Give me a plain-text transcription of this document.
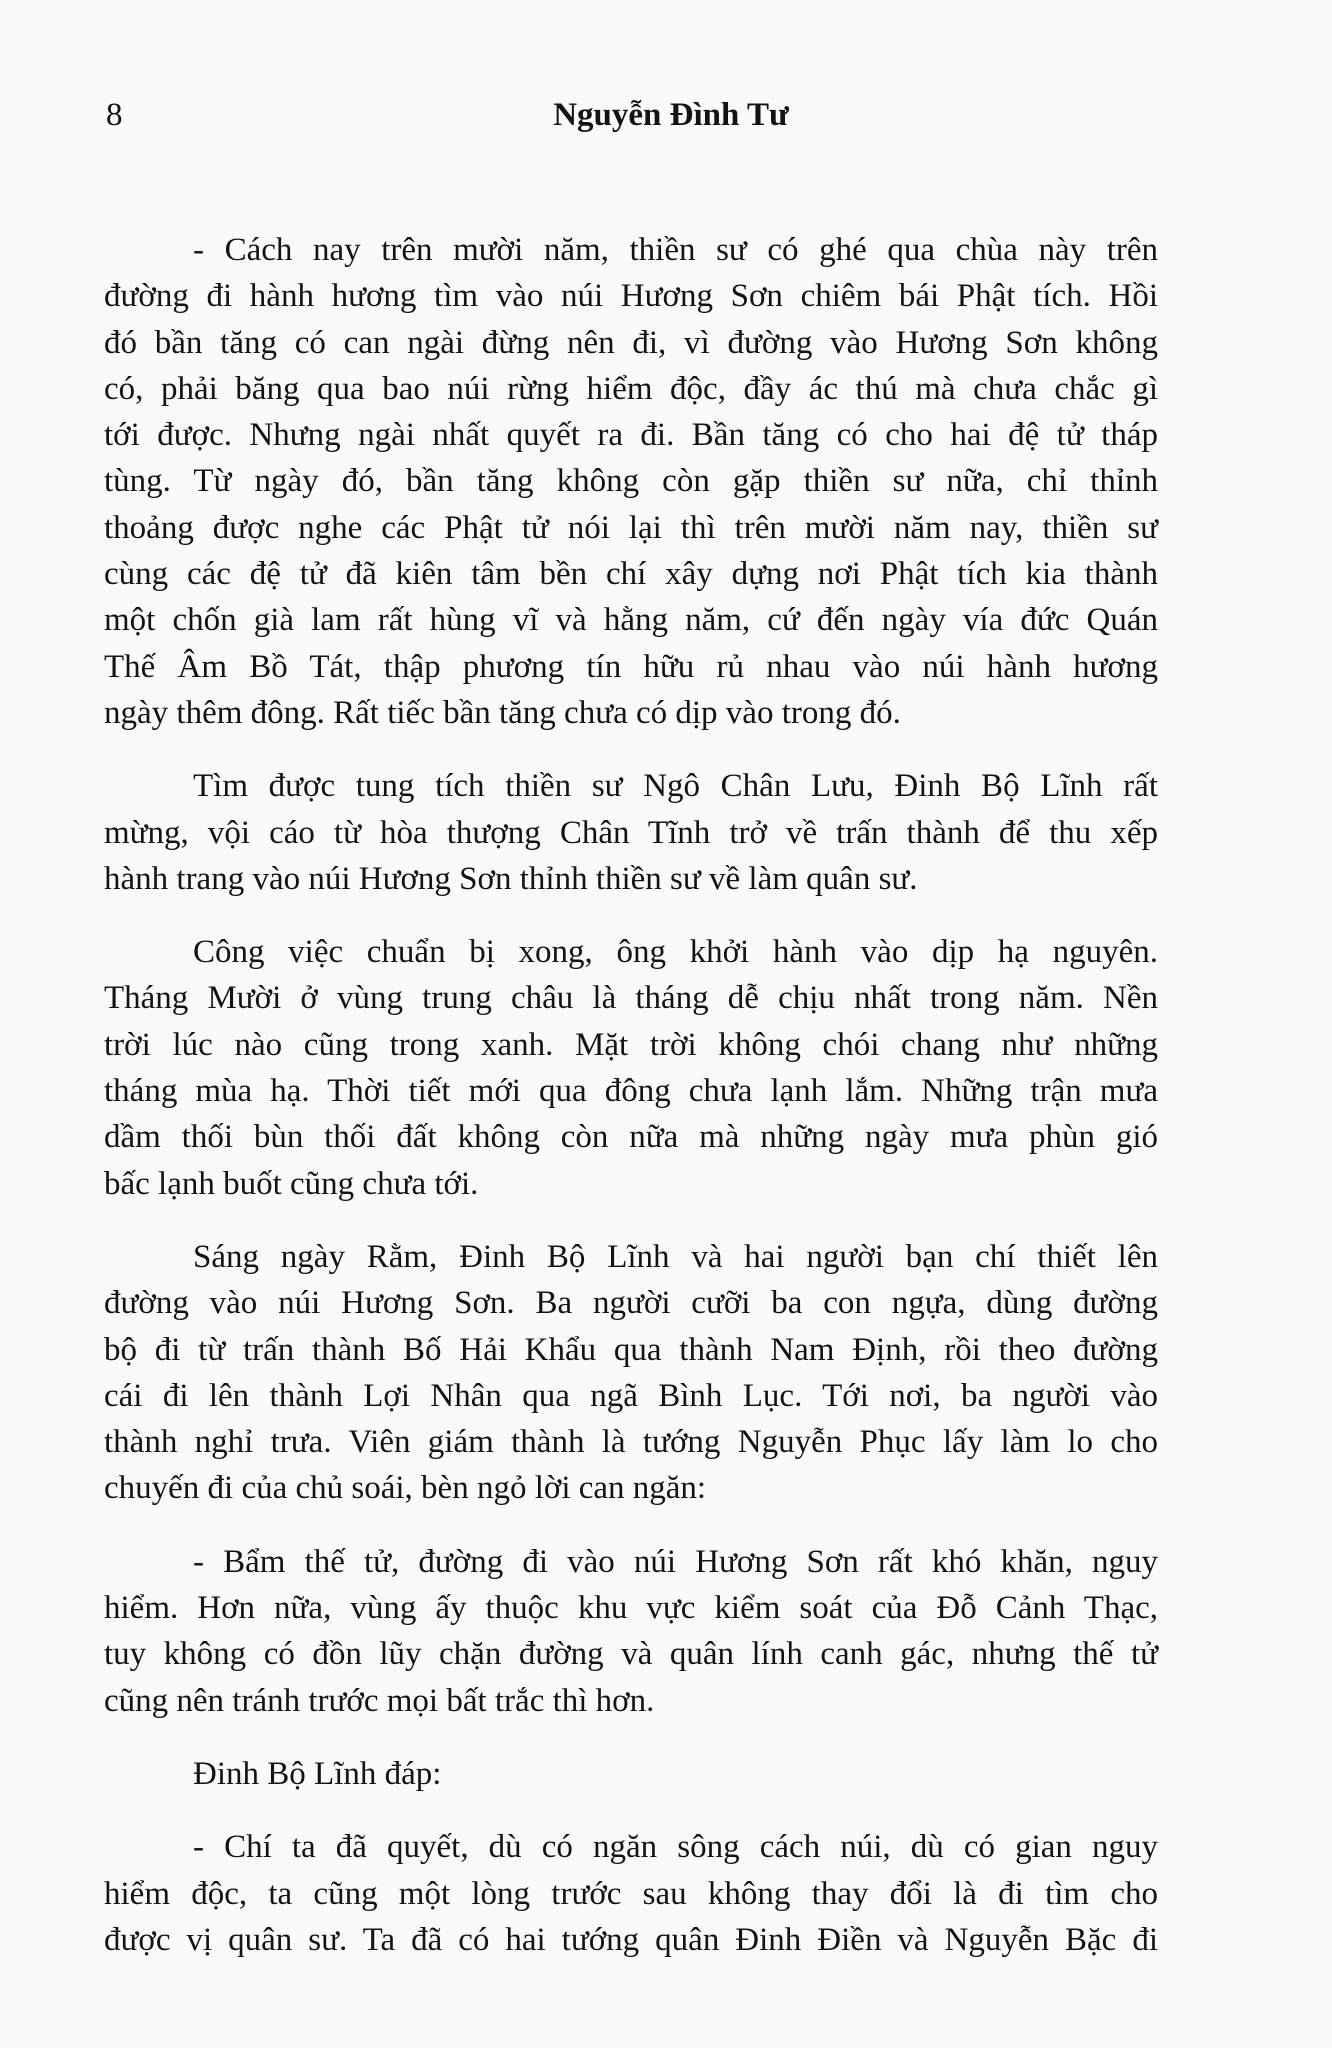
8	Nguyễn Đình Tư
- Cách nay trên mười năm, thiền sư có ghé qua chùa này trên
đường đi hành hương tìm vào núi Hương Sơn chiêm bái Phật tích. Hồi
đó bần tăng có can ngài đừng nên đi, vì đường vào Hương Sơn không
có, phải băng qua bao núi rừng hiểm độc, đầy ác thú mà chưa chắc gì
tới được. Nhưng ngài nhất quyết ra đi. Bần tăng có cho hai đệ tử tháp
tùng. Từ ngày đó, bần tăng không còn gặp thiền sư nữa, chỉ thỉnh
thoảng được nghe các Phật tử nói lại thì trên mười năm nay, thiền sư
cùng các đệ tử đã kiên tâm bền chí xây dựng nơi Phật tích kia thành
một chốn già lam rất hùng vĩ và hằng năm, cứ đến ngày vía đức Quán
Thế Âm Bồ Tát, thập phương tín hữu rủ nhau vào núi hành hương
ngày thêm đông. Rất tiếc bần tăng chưa có dịp vào trong đó.
Tìm được tung tích thiền sư Ngô Chân Lưu, Đinh Bộ Lĩnh rất
mừng, vội cáo từ hòa thượng Chân Tĩnh trở về trấn thành để thu xếp
hành trang vào núi Hương Sơn thỉnh thiền sư về làm quân sư.
Công việc chuẩn bị xong, ông khởi hành vào dịp hạ nguyên.
Tháng Mười ở vùng trung châu là tháng dễ chịu nhất trong năm. Nền
trời lúc nào cũng trong xanh. Mặt trời không chói chang như những
tháng mùa hạ. Thời tiết mới qua đông chưa lạnh lắm. Những trận mưa
dầm thối bùn thối đất không còn nữa mà những ngày mưa phùn gió
bấc lạnh buốt cũng chưa tới.
Sáng ngày Rằm, Đinh Bộ Lĩnh và hai người bạn chí thiết lên
đường vào núi Hương Sơn. Ba người cưỡi ba con ngựa, dùng đường
bộ đi từ trấn thành Bố Hải Khẩu qua thành Nam Định, rồi theo đường
cái đi lên thành Lợi Nhân qua ngã Bình Lục. Tới nơi, ba người vào
thành nghỉ trưa. Viên giám thành là tướng Nguyễn Phục lấy làm lo cho
chuyến đi của chủ soái, bèn ngỏ lời can ngăn:
- Bẩm thế tử, đường đi vào núi Hương Sơn rất khó khăn, nguy
hiểm. Hơn nữa, vùng ấy thuộc khu vực kiểm soát của Đỗ Cảnh Thạc,
tuy không có đồn lũy chặn đường và quân lính canh gác, nhưng thế tử
cũng nên tránh trước mọi bất trắc thì hơn.
Đinh Bộ Lĩnh đáp:
- Chí ta đã quyết, dù có ngăn sông cách núi, dù có gian nguy
hiểm độc, ta cũng một lòng trước sau không thay đổi là đi tìm cho
được vị quân sư. Ta đã có hai tướng quân Đinh Điền và Nguyễn Bặc đi
